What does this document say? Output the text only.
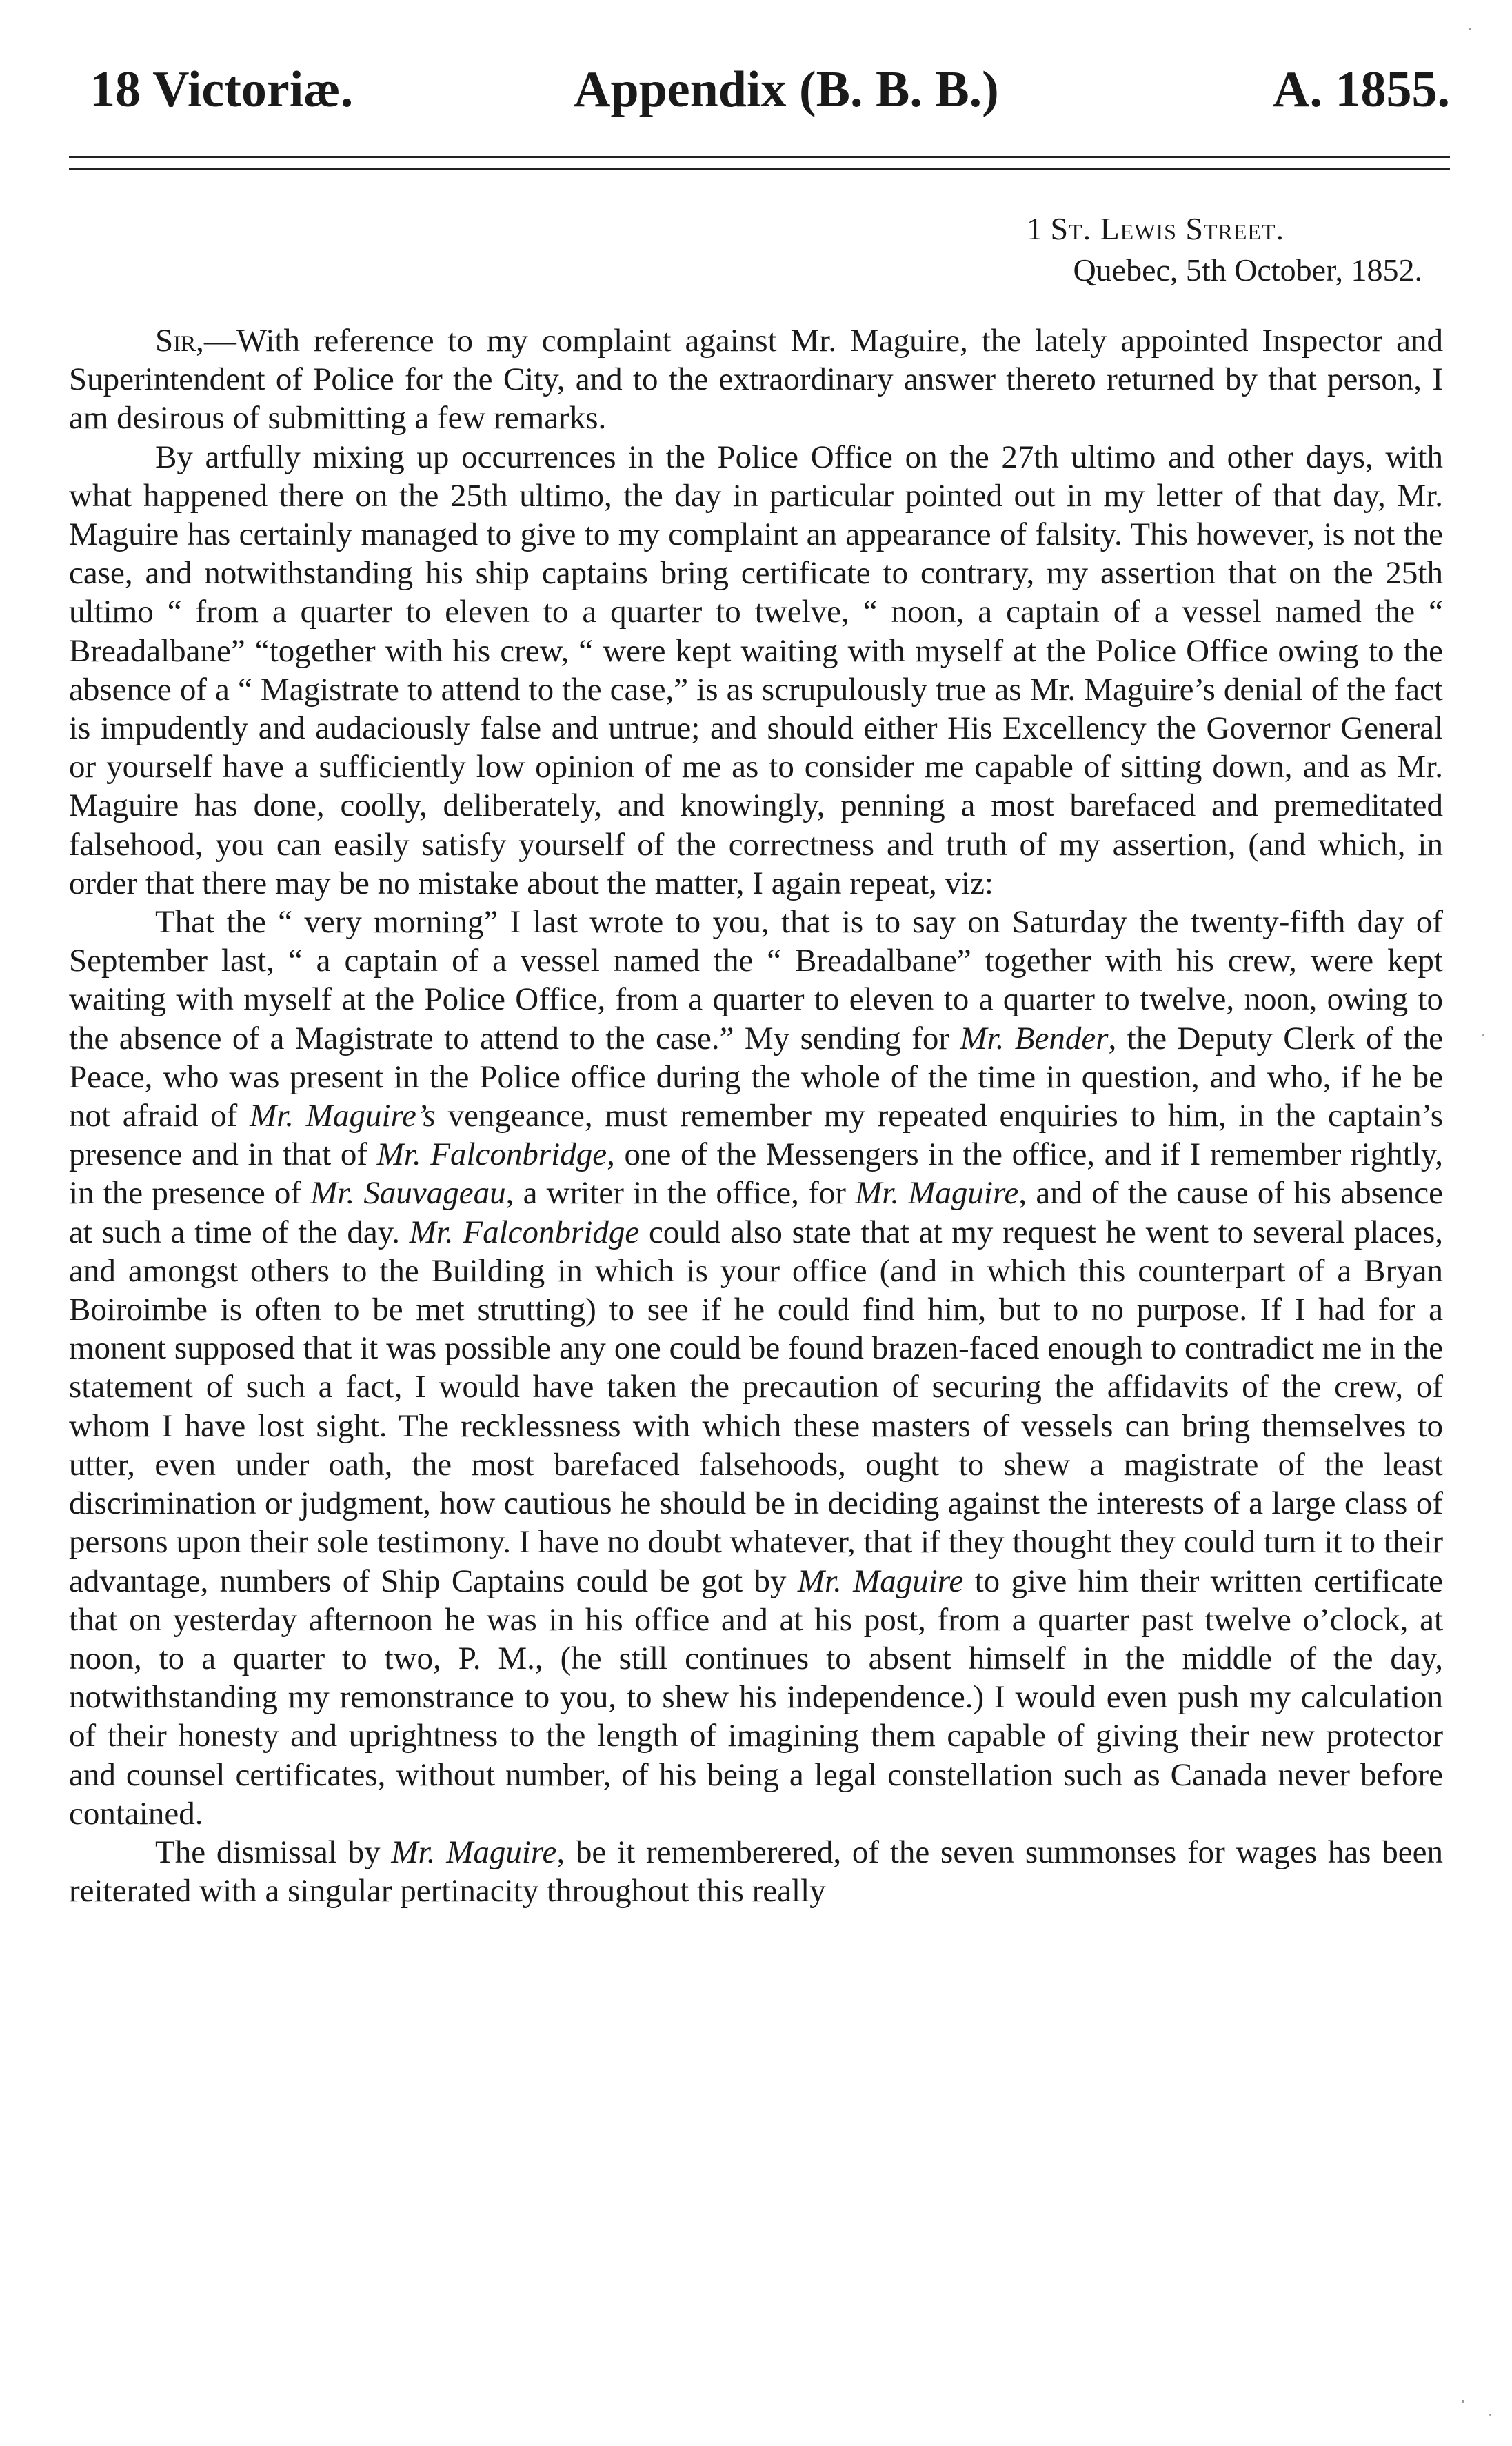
18 Victoriæ.	Appendix (B. B. B.)	A. 1855.
1 St. Lewis Street.
Quebec, 5th October, 1852.

Sir,—With reference to my complaint against Mr. Maguire, the lately appointed Inspector and Superintendent of Police for the City, and to the extraordinary answer thereto returned by that person, I am desirous of submitting a few remarks.

By artfully mixing up occurrences in the Police Office on the 27th ultimo and other days, with what happened there on the 25th ultimo, the day in particular pointed out in my letter of that day, Mr. Maguire has certainly managed to give to my complaint an appearance of falsity. This however, is not the case, and notwithstanding his ship captains bring certificate to contrary, my assertion that on the 25th ultimo “ from a quarter to eleven to a quarter to twelve, “ noon, a captain of a vessel named the “ Breadalbane” “together with his crew, “ were kept waiting with myself at the Police Office owing to the absence of a “ Magistrate to attend to the case,” is as scrupulously true as Mr. Maguire’s denial of the fact is impudently and audaciously false and untrue; and should either His Excellency the Governor General or yourself have a sufficiently low opinion of me as to consider me capable of sitting down, and as Mr. Maguire has done, coolly, deliberately, and knowingly, penning a most barefaced and premeditated falsehood, you can easily satisfy yourself of the correctness and truth of my assertion, (and which, in order that there may be no mistake about the matter, I again repeat, viz:

That the “ very morning” I last wrote to you, that is to say on Saturday the twenty-fifth day of September last, “ a captain of a vessel named the “ Breadalbane” together with his crew, were kept waiting with myself at the Police Office, from a quarter to eleven to a quarter to twelve, noon, owing to the absence of a Magistrate to attend to the case.” My sending for Mr. Bender, the Deputy Clerk of the Peace, who was present in the Police office during the whole of the time in question, and who, if he be not afraid of Mr. Maguire’s vengeance, must remember my repeated enquiries to him, in the captain’s presence and in that of Mr. Falconbridge, one of the Messengers in the office, and if I remember rightly, in the presence of Mr. Sauvageau, a writer in the office, for Mr. Maguire, and of the cause of his absence at such a time of the day. Mr. Falconbridge could also state that at my request he went to several places, and amongst others to the Building in which is your office (and in which this counterpart of a Bryan Boiroimbe is often to be met strutting) to see if he could find him, but to no purpose. If I had for a monent supposed that it was possible any one could be found brazen-faced enough to contradict me in the statement of such a fact, I would have taken the precaution of securing the affidavits of the crew, of whom I have lost sight. The recklessness with which these masters of vessels can bring themselves to utter, even under oath, the most barefaced falsehoods, ought to shew a magistrate of the least discrimination or judgment, how cautious he should be in deciding against the interests of a large class of persons upon their sole testimony. I have no doubt whatever, that if they thought they could turn it to their advantage, numbers of Ship Captains could be got by Mr. Maguire to give him their written certificate that on yesterday afternoon he was in his office and at his post, from a quarter past twelve o’clock, at noon, to a quarter to two, P. M., (he still continues to absent himself in the middle of the day, notwithstanding my remonstrance to you, to shew his independence.) I would even push my calculation of their honesty and uprightness to the length of imagining them capable of giving their new protector and counsel certificates, without number, of his being a legal constellation such as Canada never before contained.

The dismissal by Mr. Maguire, be it rememberered, of the seven summonses for wages has been reiterated with a singular pertinacity throughout this really
